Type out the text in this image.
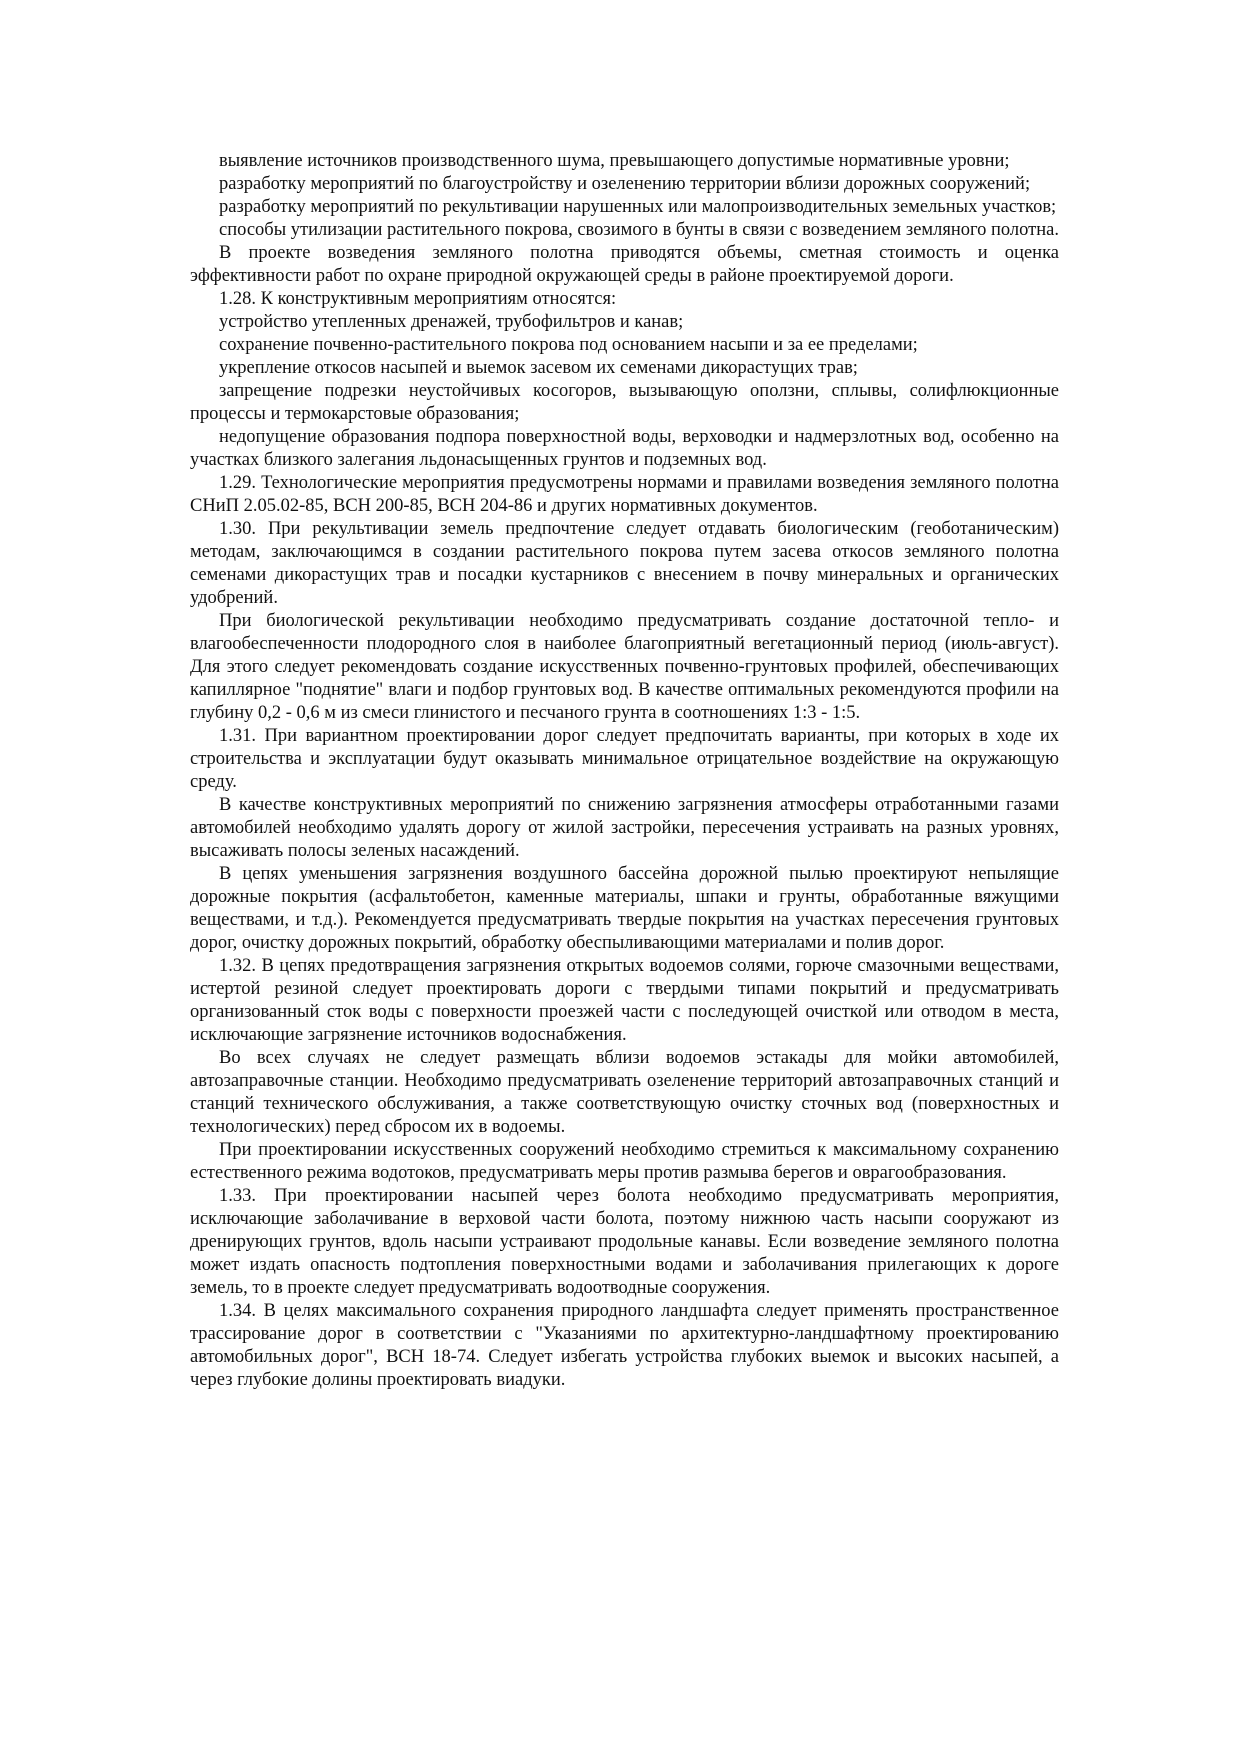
выявление источников производственного шума, превышающего допустимые нормативные уровни;

разработку мероприятий по благоустройству и озеленению территории вблизи дорожных сооружений;

разработку мероприятий по рекультивации нарушенных или малопроизводительных земельных участков;

способы утилизации растительного покрова, свозимого в бунты в связи с возведением земляного полотна.

В проекте возведения земляного полотна приводятся объемы, сметная стоимость и оценка эффективности работ по охране природной окружающей среды в районе проектируемой дороги.

1.28. К конструктивным мероприятиям относятся:

устройство утепленных дренажей, трубофильтров и канав;

сохранение почвенно-растительного покрова под основанием насыпи и за ее пределами;

укрепление откосов насыпей и выемок засевом их семенами дикорастущих трав;

запрещение подрезки неустойчивых косогоров, вызывающую оползни, сплывы, солифлюкционные процессы и термокарстовые образования;

недопущение образования подпора поверхностной воды, верховодки и надмерзлотных вод, особенно на участках близкого залегания льдонасыщенных грунтов и подземных вод.

1.29. Технологические мероприятия предусмотрены нормами и правилами возведения земляного полотна СНиП 2.05.02-85, ВСН 200-85, ВСН 204-86 и других нормативных документов.

1.30. При рекультивации земель предпочтение следует отдавать биологическим (геоботаническим) методам, заключающимся в создании растительного покрова путем засева откосов земляного полотна семенами дикорастущих трав и посадки кустарников с внесением в почву минеральных и органических удобрений.

При биологической рекультивации необходимо предусматривать создание достаточной тепло- и влагообеспеченности плодородного слоя в наиболее благоприятный вегетационный период (июль-август). Для этого следует рекомендовать создание искусственных почвенно-грунтовых профилей, обеспечивающих капиллярное "поднятие" влаги и подбор грунтовых вод. В качестве оптимальных рекомендуются профили на глубину 0,2 - 0,6 м из смеси глинистого и песчаного грунта в соотношениях 1:3 - 1:5.

1.31. При вариантном проектировании дорог следует предпочитать варианты, при которых в ходе их строительства и эксплуатации будут оказывать минимальное отрицательное воздействие на окружающую среду.

В качестве конструктивных мероприятий по снижению загрязнения атмосферы отработанными газами автомобилей необходимо удалять дорогу от жилой застройки, пересечения устраивать на разных уровнях, высаживать полосы зеленых насаждений.

В цепях уменьшения загрязнения воздушного бассейна дорожной пылью проектируют непылящие дорожные покрытия (асфальтобетон, каменные материалы, шпаки и грунты, обработанные вяжущими веществами, и т.д.). Рекомендуется предусматривать твердые покрытия на участках пересечения грунтовых дорог, очистку дорожных покрытий, обработку обеспыливающими материалами и полив дорог.

1.32. В цепях предотвращения загрязнения открытых водоемов солями, горюче смазочными веществами, истертой резиной следует проектировать дороги с твердыми типами покрытий и предусматривать организованный сток воды с поверхности проезжей части с последующей очисткой или отводом в места, исключающие загрязнение источников водоснабжения.

Во всех случаях не следует размещать вблизи водоемов эстакады для мойки автомобилей, автозаправочные станции. Необходимо предусматривать озеленение территорий автозаправочных станций и станций технического обслуживания, а также соответствующую очистку сточных вод (поверхностных и технологических) перед сбросом их в водоемы.

При проектировании искусственных сооружений необходимо стремиться к максимальному сохранению естественного режима водотоков, предусматривать меры против размыва берегов и оврагообразования.

1.33. При проектировании насыпей через болота необходимо предусматривать мероприятия, исключающие заболачивание в верховой части болота, поэтому нижнюю часть насыпи сооружают из дренирующих грунтов, вдоль насыпи устраивают продольные канавы. Если возведение земляного полотна может издать опасность подтопления поверхностными водами и заболачивания прилегающих к дороге земель, то в проекте следует предусматривать водоотводные сооружения.

1.34. В целях максимального сохранения природного ландшафта следует применять пространственное трассирование дорог в соответствии с "Указаниями по архитектурно-ландшафтному проектированию автомобильных дорог", ВСН 18-74. Следует избегать устройства глубоких выемок и высоких насыпей, а через глубокие долины проектировать виадуки.
